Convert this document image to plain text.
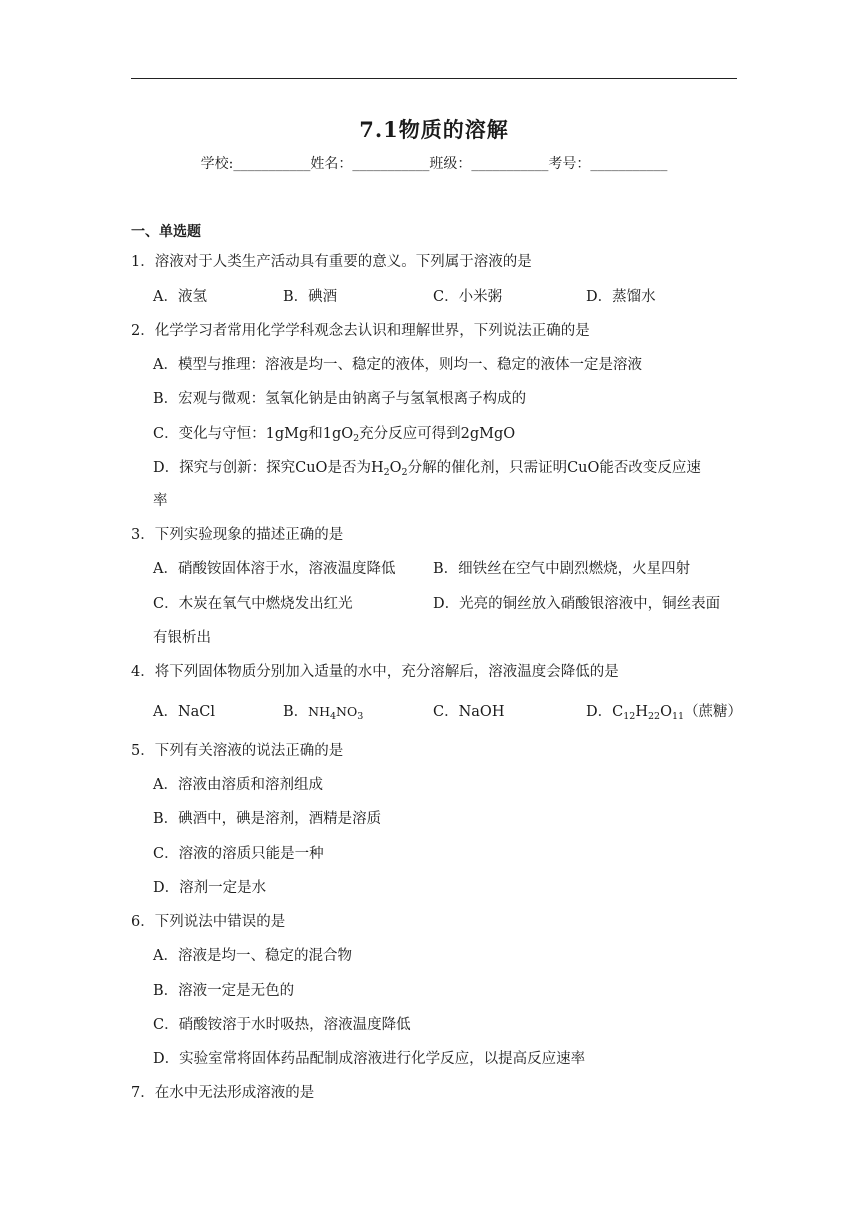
7.1物质的溶解
学校:___________姓名：___________班级：___________考号：___________
一、单选题
1．溶液对于人类生产活动具有重要的意义。下列属于溶液的是
A．液氢	B．碘酒	C．小米粥	D．蒸馏水
2．化学学习者常用化学学科观念去认识和理解世界，下列说法正确的是
A．模型与推理：溶液是均一、稳定的液体，则均一、稳定的液体一定是溶液
B．宏观与微观：氢氧化钠是由钠离子与氢氧根离子构成的
C．变化与守恒：1gMg和$1gO_2$充分反应可得到2gMgO
D．探究与创新：探究CuO是否为$H_2O_2$分解的催化剂，只需证明CuO能否改变反应速
率
3．下列实验现象的描述正确的是
A．硝酸铵固体溶于水，溶液温度降低	B．细铁丝在空气中剧烈燃烧，火星四射
C．木炭在氧气中燃烧发出红光	D．光亮的铜丝放入硝酸银溶液中，铜丝表面
有银析出
4．将下列固体物质分别加入适量的水中，充分溶解后，溶液温度会降低的是
A．NaCl	B．$NH_4NO_3$	C．NaOH	D．$C_{12}H_{22}O_{11}$（蔗糖）
5．下列有关溶液的说法正确的是
A．溶液由溶质和溶剂组成
B．碘酒中，碘是溶剂，酒精是溶质
C．溶液的溶质只能是一种
D．溶剂一定是水
6．下列说法中错误的是
A．溶液是均一、稳定的混合物
B．溶液一定是无色的
C．硝酸铵溶于水时吸热，溶液温度降低
D．实验室常将固体药品配制成溶液进行化学反应，以提高反应速率
7．在水中无法形成溶液的是
